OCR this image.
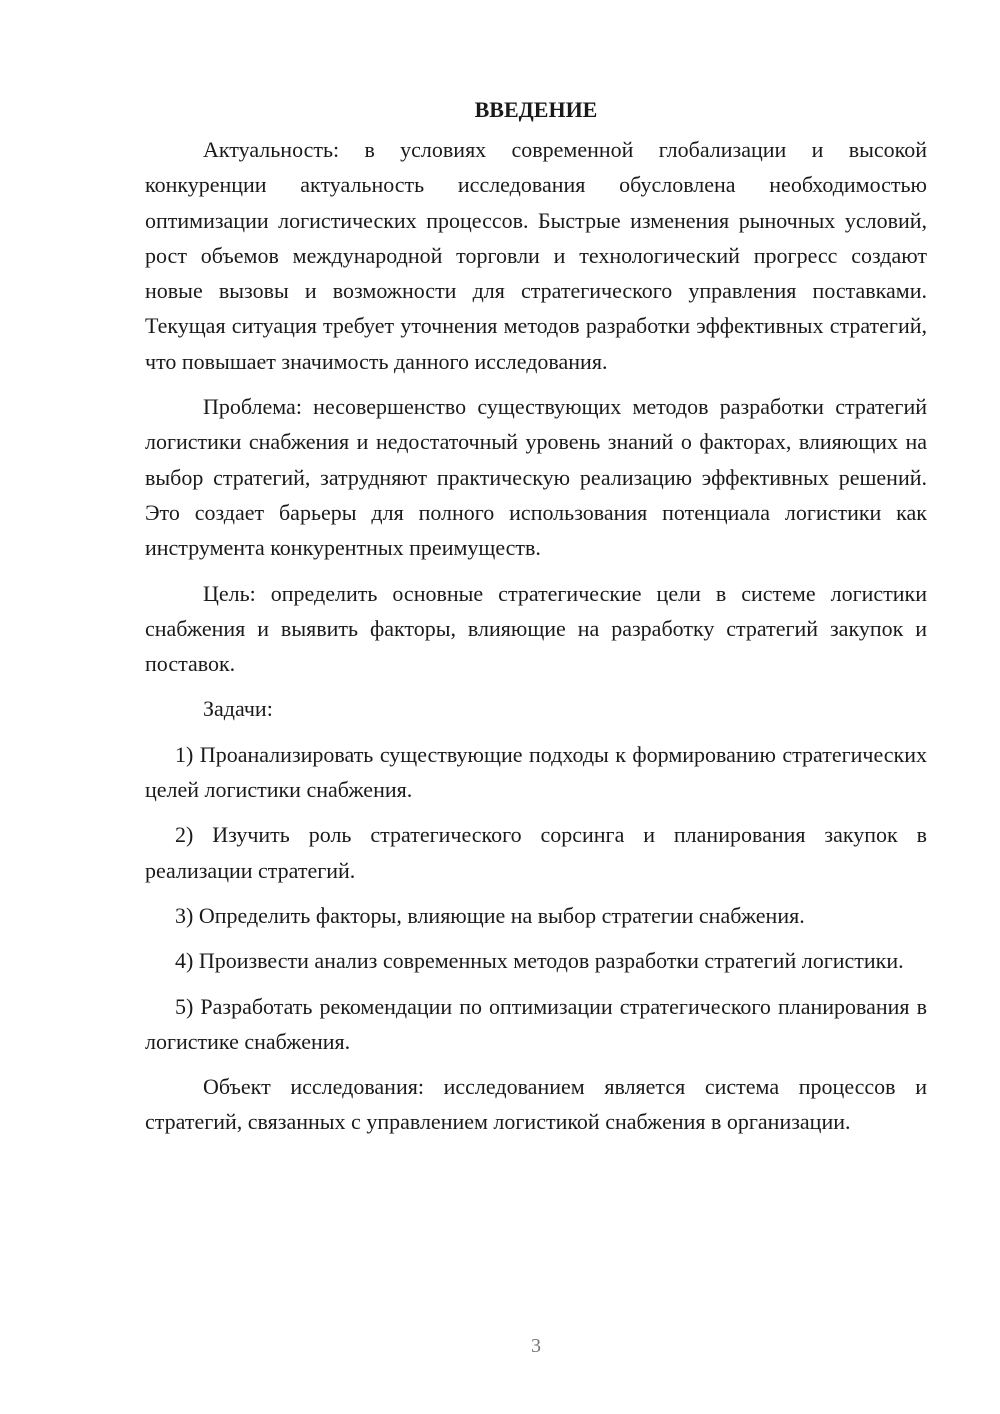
ВВЕДЕНИЕ

Актуальность: в условиях современной глобализации и высокой конкуренции актуальность исследования обусловлена необходимостью оптимизации логистических процессов. Быстрые изменения рыночных условий, рост объемов международной торговли и технологический прогресс создают новые вызовы и возможности для стратегического управления поставками. Текущая ситуация требует уточнения методов разработки эффективных стратегий, что повышает значимость данного исследования.

Проблема: несовершенство существующих методов разработки стратегий логистики снабжения и недостаточный уровень знаний о факторах, влияющих на выбор стратегий, затрудняют практическую реализацию эффективных решений. Это создает барьеры для полного использования потенциала логистики как инструмента конкурентных преимуществ.

Цель: определить основные стратегические цели в системе логистики снабжения и выявить факторы, влияющие на разработку стратегий закупок и поставок.

Задачи:

1) Проанализировать существующие подходы к формированию стратегических целей логистики снабжения.

2) Изучить роль стратегического сорсинга и планирования закупок в реализации стратегий.

3) Определить факторы, влияющие на выбор стратегии снабжения.

4) Произвести анализ современных методов разработки стратегий логистики.

5) Разработать рекомендации по оптимизации стратегического планирования в логистике снабжения.

Объект исследования: исследованием является система процессов и стратегий, связанных с управлением логистикой снабжения в организации.

3
